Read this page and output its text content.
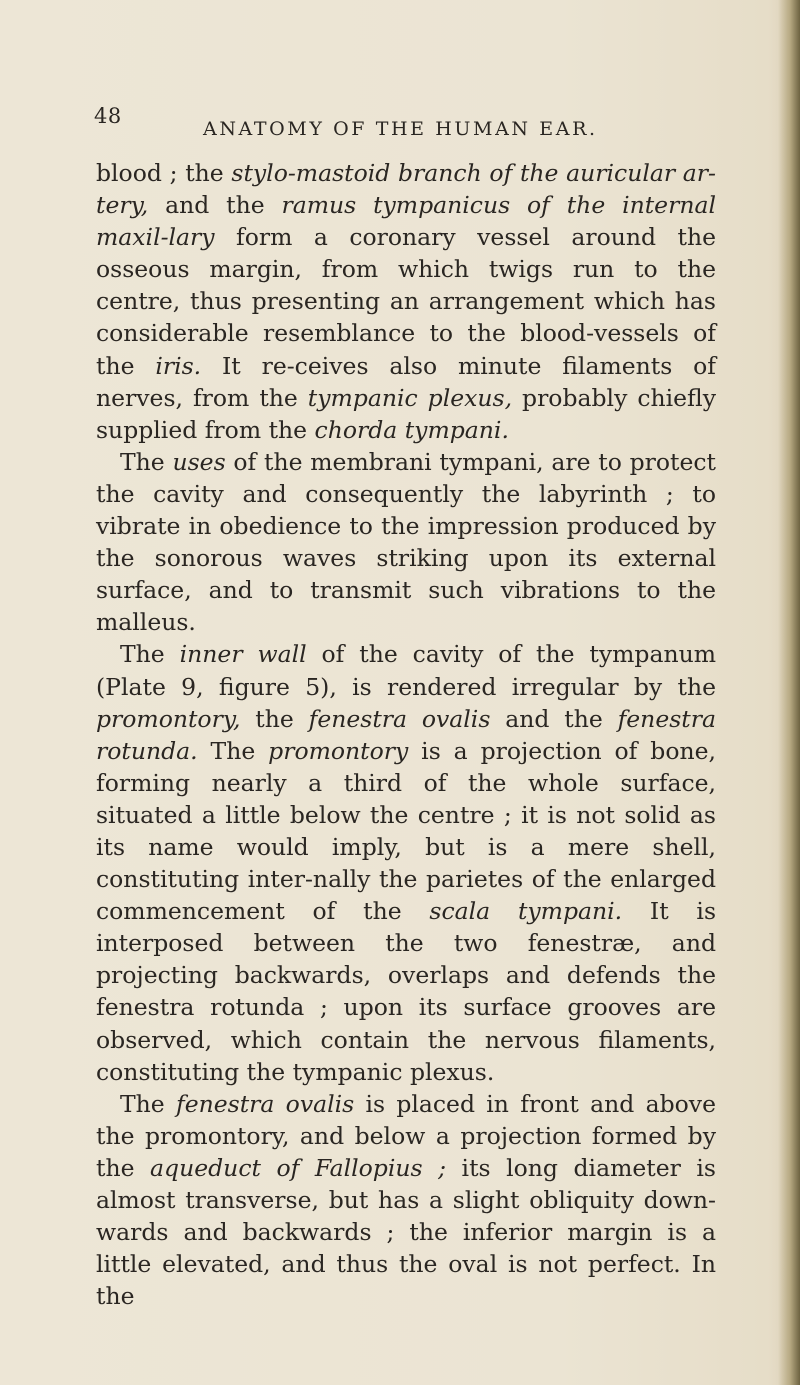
48
ANATOMY OF THE HUMAN EAR.

blood ; the stylo-mastoid branch of the auricular ar-tery, and the ramus tympanicus of the internal maxil-lary form a coronary vessel around the osseous margin, from which twigs run to the centre, thus presenting an arrangement which has considerable resemblance to the blood-vessels of the iris. It re-ceives also minute filaments of nerves, from the tympanic plexus, probably chiefly supplied from the chorda tympani.

The uses of the membrani tympani, are to protect the cavity and consequently the labyrinth ; to vibrate in obedience to the impression produced by the sonorous waves striking upon its external surface, and to transmit such vibrations to the malleus.

The inner wall of the cavity of the tympanum (Plate 9, figure 5), is rendered irregular by the promontory, the fenestra ovalis and the fenestra rotunda. The promontory is a projection of bone, forming nearly a third of the whole surface, situated a little below the centre ; it is not solid as its name would imply, but is a mere shell, constituting inter-nally the parietes of the enlarged commencement of the scala tympani. It is interposed between the two fenestræ, and projecting backwards, overlaps and defends the fenestra rotunda ; upon its surface grooves are observed, which contain the nervous filaments, constituting the tympanic plexus.

The fenestra ovalis is placed in front and above the promontory, and below a projection formed by the aqueduct of Fallopius ; its long diameter is almost transverse, but has a slight obliquity down-wards and backwards ; the inferior margin is a little elevated, and thus the oval is not perfect. In the
